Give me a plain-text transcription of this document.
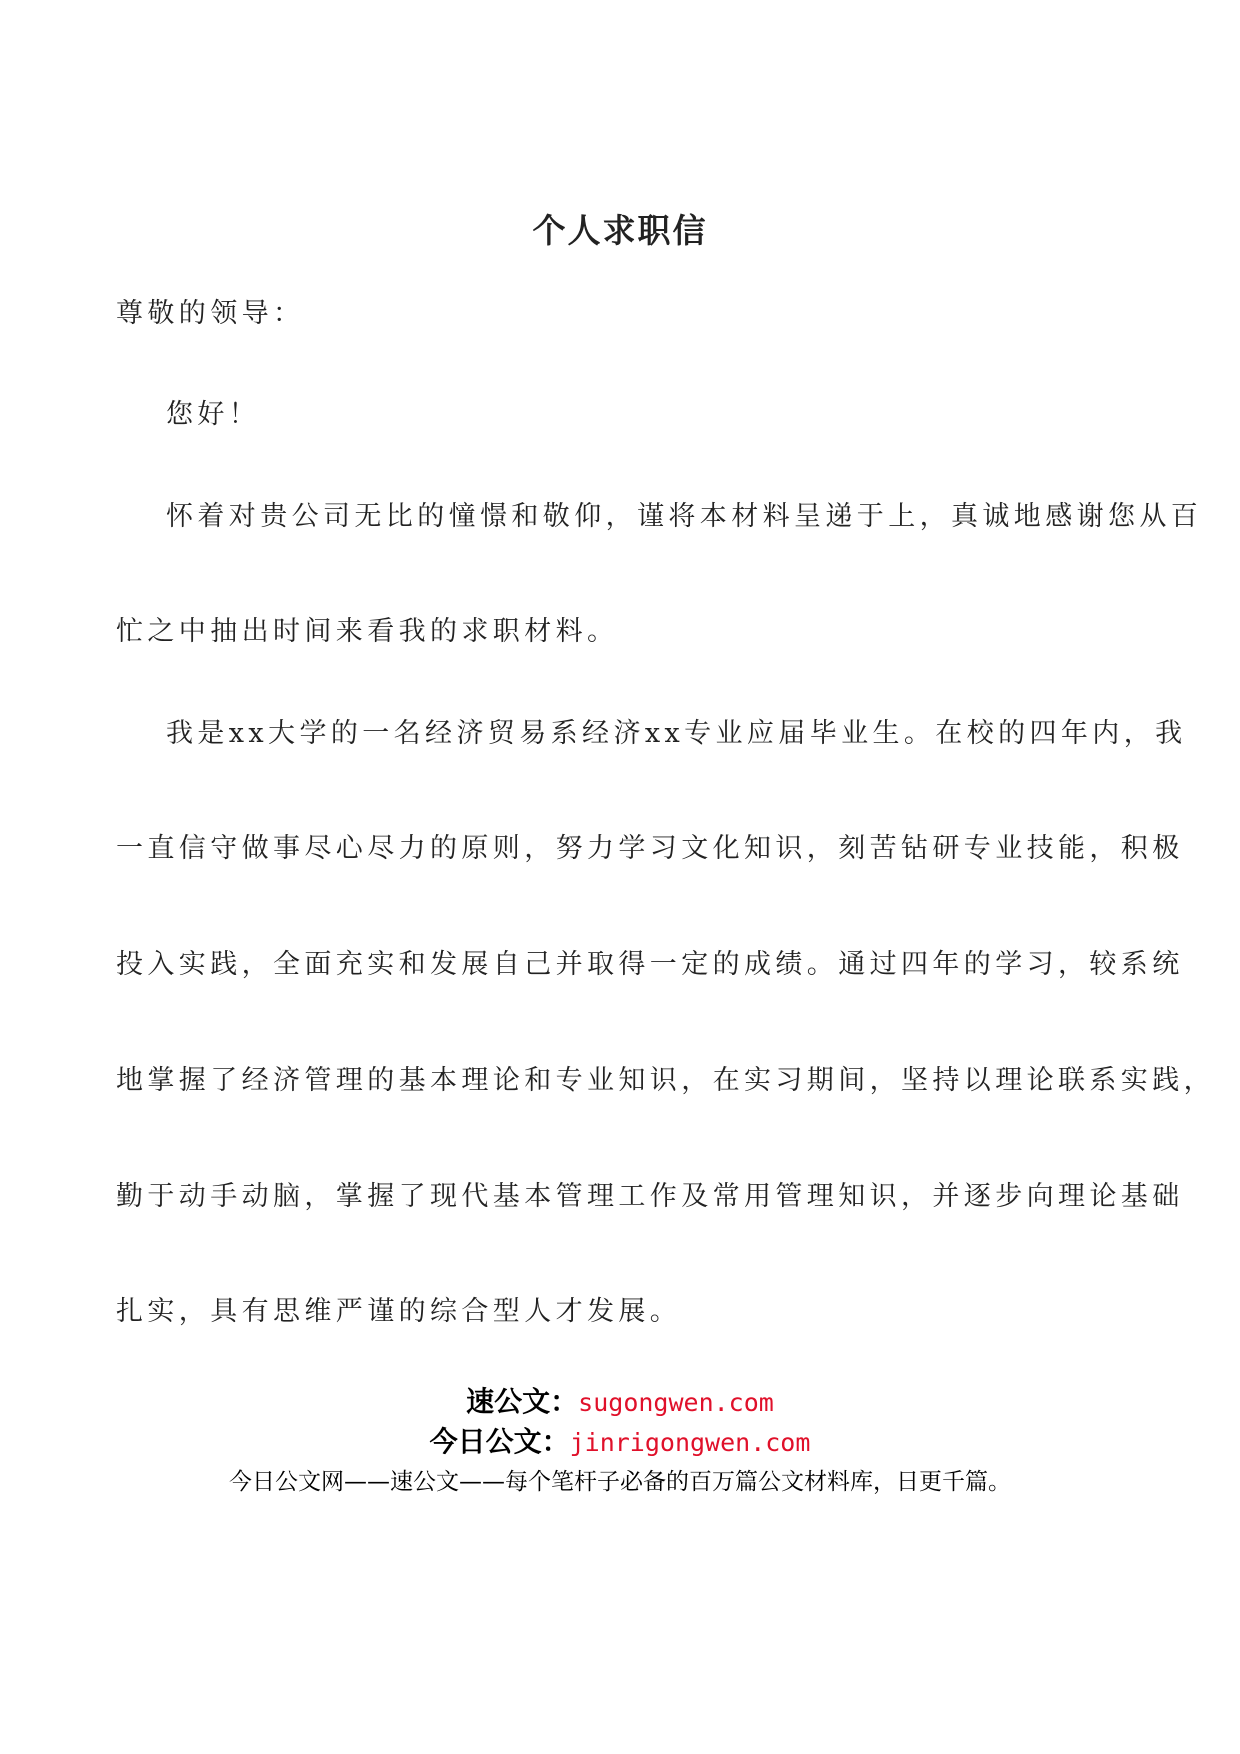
个人求职信

尊敬的领导：

您好！

怀着对贵公司无比的憧憬和敬仰，谨将本材料呈递于上，真诚地感谢您从百

忙之中抽出时间来看我的求职材料。

我是xx大学的一名经济贸易系经济xx专业应届毕业生。在校的四年内，我

一直信守做事尽心尽力的原则，努力学习文化知识，刻苦钻研专业技能，积极

投入实践，全面充实和发展自己并取得一定的成绩。通过四年的学习，较系统

地掌握了经济管理的基本理论和专业知识，在实习期间，坚持以理论联系实践，

勤于动手动脑，掌握了现代基本管理工作及常用管理知识，并逐步向理论基础

扎实，具有思维严谨的综合型人才发展。

速公文：sugongwen.com

今日公文：jinrigongwen.com

今日公文网——速公文——每个笔杆子必备的百万篇公文材料库，日更千篇。
